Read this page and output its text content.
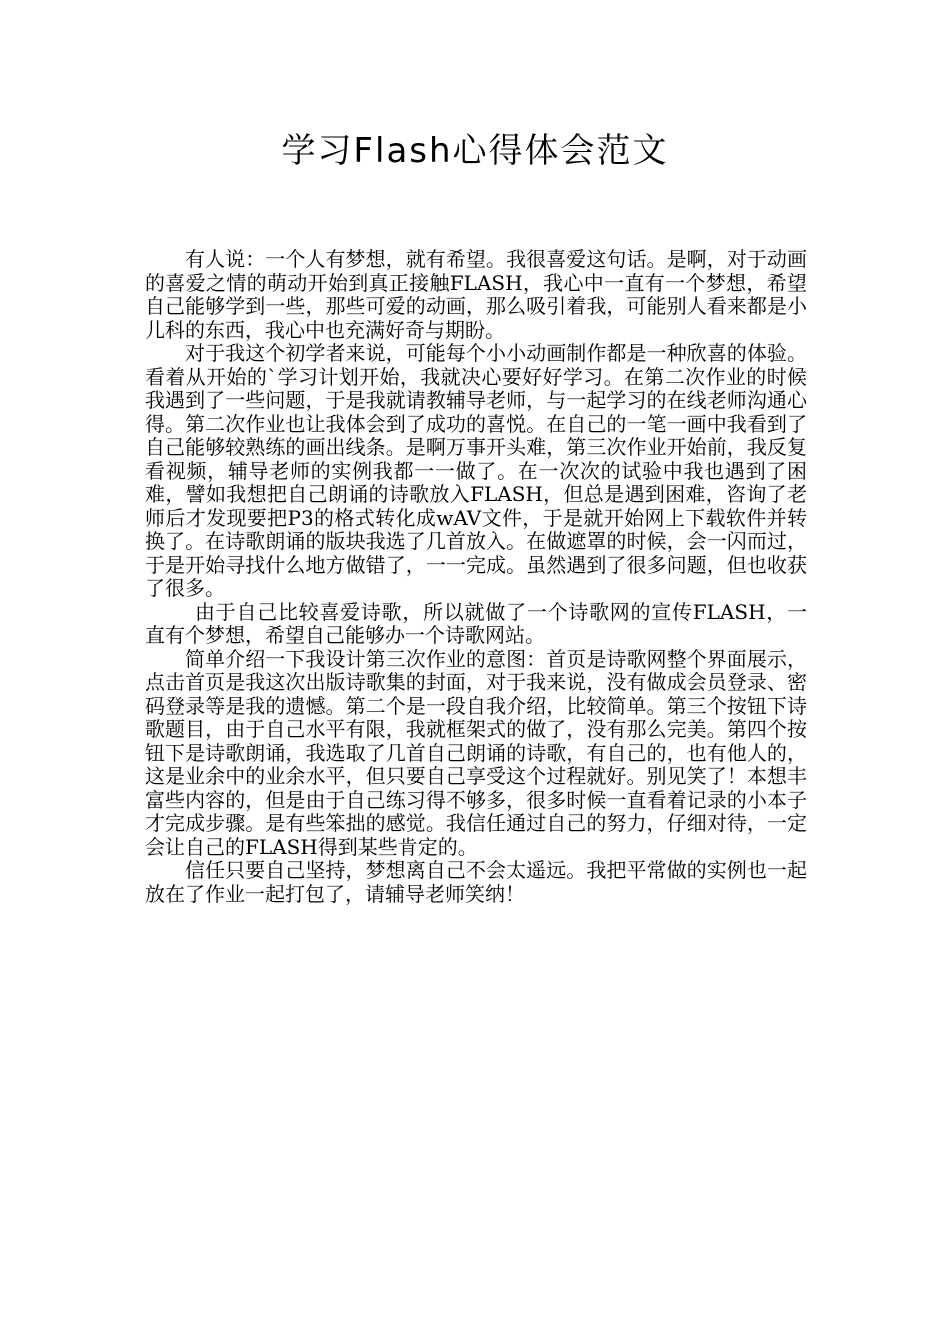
学习Flash心得体会范文

有人说：一个人有梦想，就有希望。我很喜爱这句话。是啊，对于动画的喜爱之情的萌动开始到真正接触FLASH，我心中一直有一个梦想，希望自己能够学到一些，那些可爱的动画，那么吸引着我，可能别人看来都是小儿科的东西，我心中也充满好奇与期盼。

对于我这个初学者来说，可能每个小小动画制作都是一种欣喜的体验。看着从开始的`学习计划开始，我就决心要好好学习。在第二次作业的时候我遇到了一些问题，于是我就请教辅导老师，与一起学习的在线老师沟通心得。第二次作业也让我体会到了成功的喜悦。在自己的一笔一画中我看到了自己能够较熟练的画出线条。是啊万事开头难，第三次作业开始前，我反复看视频，辅导老师的实例我都一一做了。在一次次的试验中我也遇到了困难，譬如我想把自己朗诵的诗歌放入FLASH，但总是遇到困难，咨询了老师后才发现要把P3的格式转化成wAV文件，于是就开始网上下载软件并转换了。在诗歌朗诵的版块我选了几首放入。在做遮罩的时候，会一闪而过，于是开始寻找什么地方做错了，一一完成。虽然遇到了很多问题，但也收获了很多。

由于自己比较喜爱诗歌，所以就做了一个诗歌网的宣传FLASH，一直有个梦想，希望自己能够办一个诗歌网站。

简单介绍一下我设计第三次作业的意图：首页是诗歌网整个界面展示，点击首页是我这次出版诗歌集的封面，对于我来说，没有做成会员登录、密码登录等是我的遗憾。第二个是一段自我介绍，比较简单。第三个按钮下诗歌题目，由于自己水平有限，我就框架式的做了，没有那么完美。第四个按钮下是诗歌朗诵，我选取了几首自己朗诵的诗歌，有自己的，也有他人的，这是业余中的业余水平，但只要自己享受这个过程就好。别见笑了！本想丰富些内容的，但是由于自己练习得不够多，很多时候一直看着记录的小本子才完成步骤。是有些笨拙的感觉。我信任通过自己的努力，仔细对待，一定会让自己的FLASH得到某些肯定的。

信任只要自己坚持，梦想离自己不会太遥远。我把平常做的实例也一起放在了作业一起打包了，请辅导老师笑纳！
